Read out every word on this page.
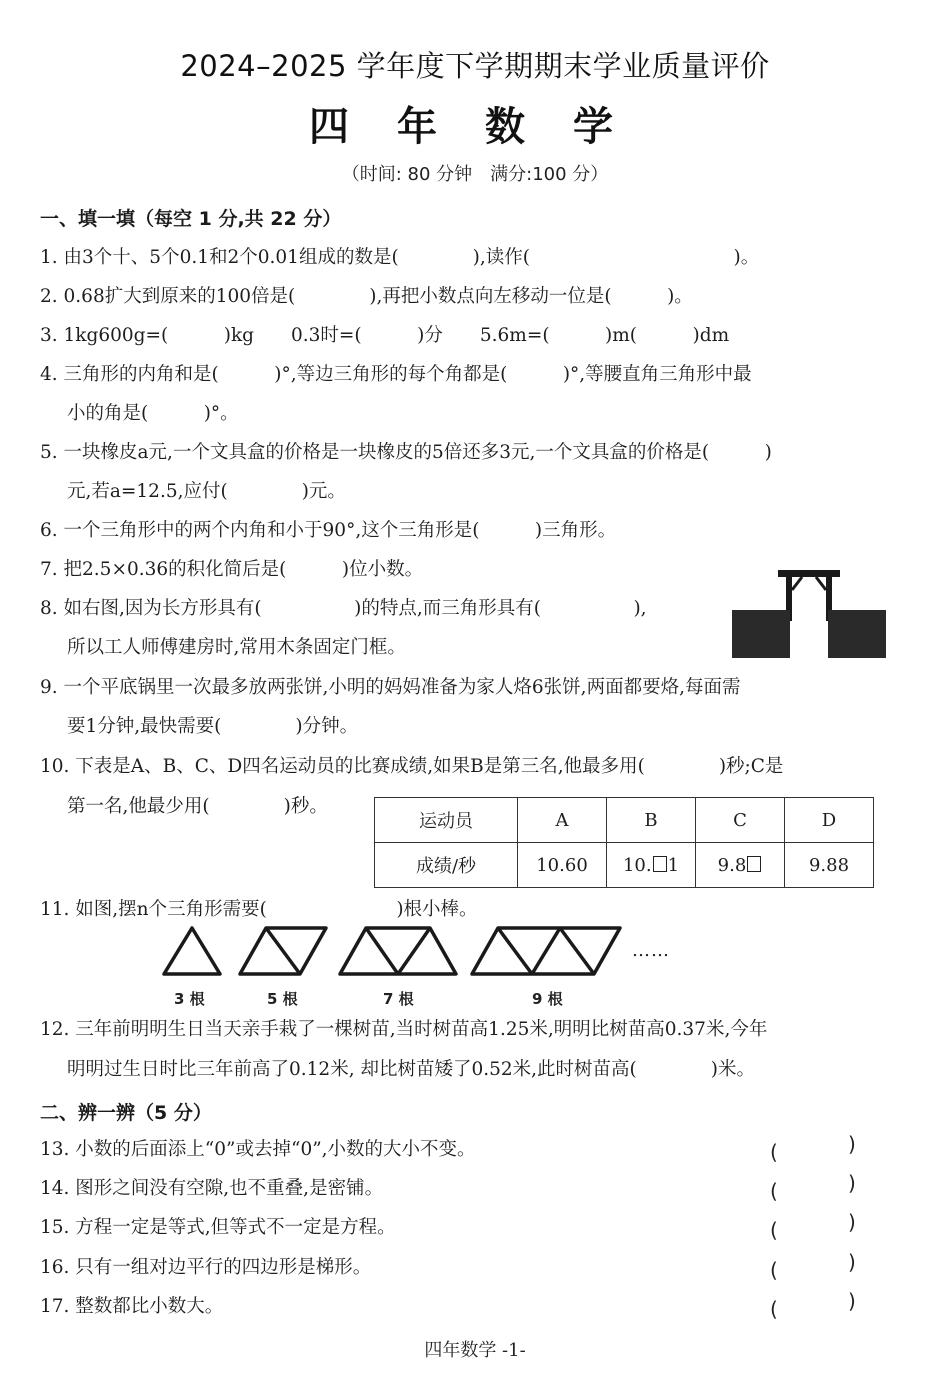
2024–2025 学年度下学期期末学业质量评价
四年数学
（时间: 80 分钟　满分:100 分）
一、填一填（每空 1 分,共 22 分）
1. 由3个十、5个0.1和2个0.01组成的数是(　　　　),读作(　　　　　　　　　　　)。
2. 0.68扩大到原来的100倍是(　　　　),再把小数点向左移动一位是(　　　)。
3. 1kg600g=(　　　)kg　　0.3时=(　　　)分　　5.6m=(　　　)m(　　　)dm
4. 三角形的内角和是(　　　)°,等边三角形的每个角都是(　　　)°,等腰直角三角形中最
小的角是(　　　)°。
5. 一块橡皮a元,一个文具盒的价格是一块橡皮的5倍还多3元,一个文具盒的价格是(　　　)
元,若a=12.5,应付(　　　　)元。
6. 一个三角形中的两个内角和小于90°,这个三角形是(　　　)三角形。
7. 把2.5×0.36的积化简后是(　　　)位小数。
8. 如右图,因为长方形具有(　　　　　)的特点,而三角形具有(　　　　　),
所以工人师傅建房时,常用木条固定门框。
9. 一个平底锅里一次最多放两张饼,小明的妈妈准备为家人烙6张饼,两面都要烙,每面需
要1分钟,最快需要(　　　　)分钟。
10. 下表是A、B、C、D四名运动员的比赛成绩,如果B是第三名,他最多用(　　　　)秒;C是
第一名,他最少用(　　　　)秒。
运动员	A	B	C	D
成绩/秒	10.60	10. 1	9.8	9.88
11. 如图,摆n个三角形需要(　　　　　　　)根小棒。
……
3 根	5 根	7 根	9 根
12. 三年前明明生日当天亲手栽了一棵树苗,当时树苗高1.25米,明明比树苗高0.37米,今年
明明过生日时比三年前高了0.12米, 却比树苗矮了0.52米,此时树苗高(　　　　)米。
二、辨一辨（5 分）
13. 小数的后面添上“0”或去掉“0”,小数的大小不变。	(	)
14. 图形之间没有空隙,也不重叠,是密铺。	(	)
15. 方程一定是等式,但等式不一定是方程。	(	)
16. 只有一组对边平行的四边形是梯形。	(	)
17. 整数都比小数大。	(	)
四年数学 -1-
